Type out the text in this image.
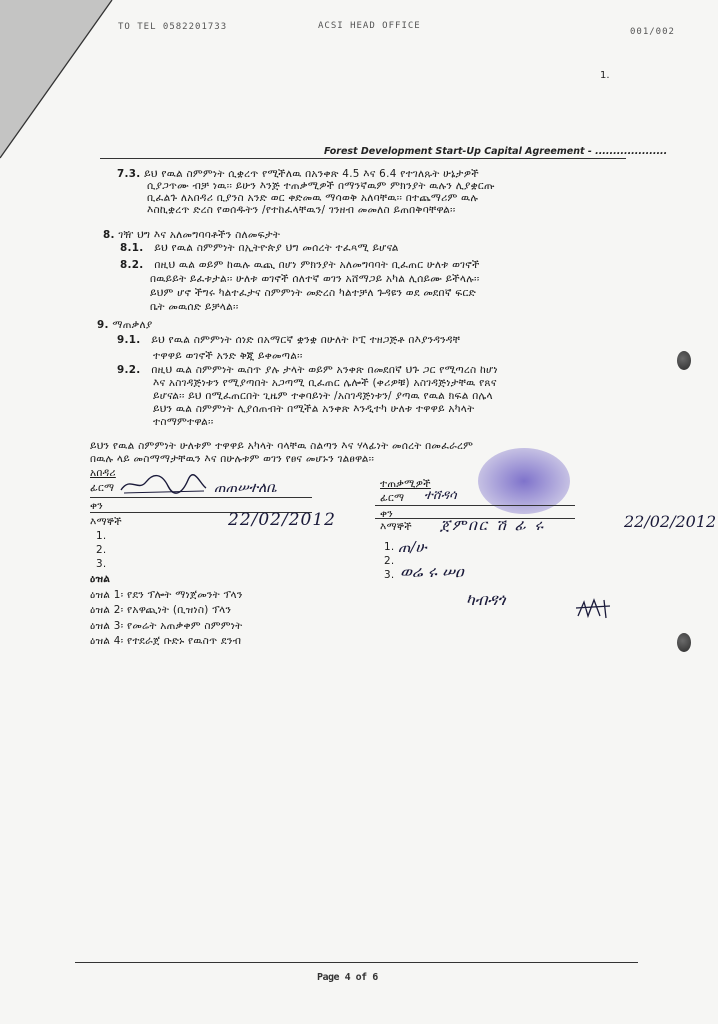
TO TEL 0582201733	ACSI HEAD OFFICE
001/002
1.
Forest Development Start-Up Capital Agreement - ....................
7.3. ይህ የዉል ስምምነት ሲቋረጥ የሚችለዉ በአንቀጽ 4.5 እና 6.4 የተገለጹት ሁኔታዎች
ሲያጋጥሙ ብቻ ነዉ፡፡ ይሁን እንጅ ተጠቃሚዎች በማንኛዉም ምክንያት ዉሉን ሊያቋርጡ
ቢፈልጉ ለአበዳሪ ቢያንስ አንድ ወር ቀድመዉ ማሳወቅ አለባቸዉ፡፡ በተጨማሪም ዉሉ
እስኪቋረጥ ድረስ የወሰዱትን /የተከፈላቸዉን/ ገንዘብ መመለስ ይጠበቅባቸዋል፡፡
8. ገዥ ህግ እና አለመግባባቶችን ስለመፍታት
8.1. ይህ የዉል ስምምነት በኢትዮጵያ ህግ መሰረት ተፈጻሚ ይሆናል
8.2. በዚህ ዉል ወይም ከዉሉ ዉጪ በሆነ ምክንያት አለመግባባት ቢፈጠር ሁለቱ ወገኖች
በዉይይት ይፈቱታል፡፡ ሁለቱ ወገኖች ሰለተኛ ወገን አሸማጋይ አካል ሊሰይሙ ይችላሉ፡፡
ይህም ሆኖ ችግሩ ካልተፈታና ስምምነት መድረስ ካልተቻለ ጉዳዩን ወደ መደበኛ ፍርድ
ቤት መዉሰድ ይቻላል፡፡
9. ማጠቃለያ
9.1. ይህ የዉል ስምምነት ሰነድ በአማርኛ ቋንቋ በሁለት ኮፒ ተዘጋጅቶ በእያንዳንዳቸ
ተዋዋይ ወገኖች አንድ ቅጂ ይቀመጣል፡፡
9.2. በዚህ ዉል ስምምነት ዉስጥ ያሉ ታላት ወይም አንቀጽ በመደበኛ ህጉ ጋር የሚጣረስ ከሆነ
እና አስገዳጅነቱን የሚያጣበት አጋጣሚ ቢፈጠር ሌሎች (ቀሪዎቹ) አስገዳጅነታቸዉ የጸና
ይሆናል፡፡ ይህ በሚፈጠርበት ጊዜም ተቀባይነት /አስገዳጅነቱን/ ያጣዉ የዉል ክፍል በሌላ
ይህን ዉል ስምምነት ሊያሰጠብት በሚችል አንቀጽ እንዲተካ ሁለቱ ተዋዋይ አካላት
ተስማምተዋል፡፡
ይህን የዉል ስምምነት ሁለቱም ተዋዋይ አካላት ባላቸዉ ስልጣን እና ሃላፊነት መሰረት በመፈራረም
በዉሉ ላይ መስማማታቸዉን እና በሁሉቱም ወገን የፀና መሆኑን ገልፀዋል፡፡
አበዳሪ
ፊርማ	ጠጠሠተለቤ
ቀን
22/02/2012
እማኞች
1.
2.
3.
ተጠቃሚዎች
ፊርማ ተሸዳሳ
ቀን
እማኞች ጀምበር ሽ ፊ ሩ	22/02/2012
1.
2.
3.
ጠ/ሁ
ወሬ ሩ ሠዐ
ካብዳጎ
ዕዝል
ዕዝል 1፡ የደን ፕሎት ማነጀመንት ፕላን
ዕዝል 2፡ የአዋጪነት (ቢዝነስ) ፕላን
ዕዝል 3፡ የመሬት አጠቃቀም ስምምነት
ዕዝል 4፡ የተደራጀ ቡድኑ የዉስጥ ደንብ
Page 4 of 6
